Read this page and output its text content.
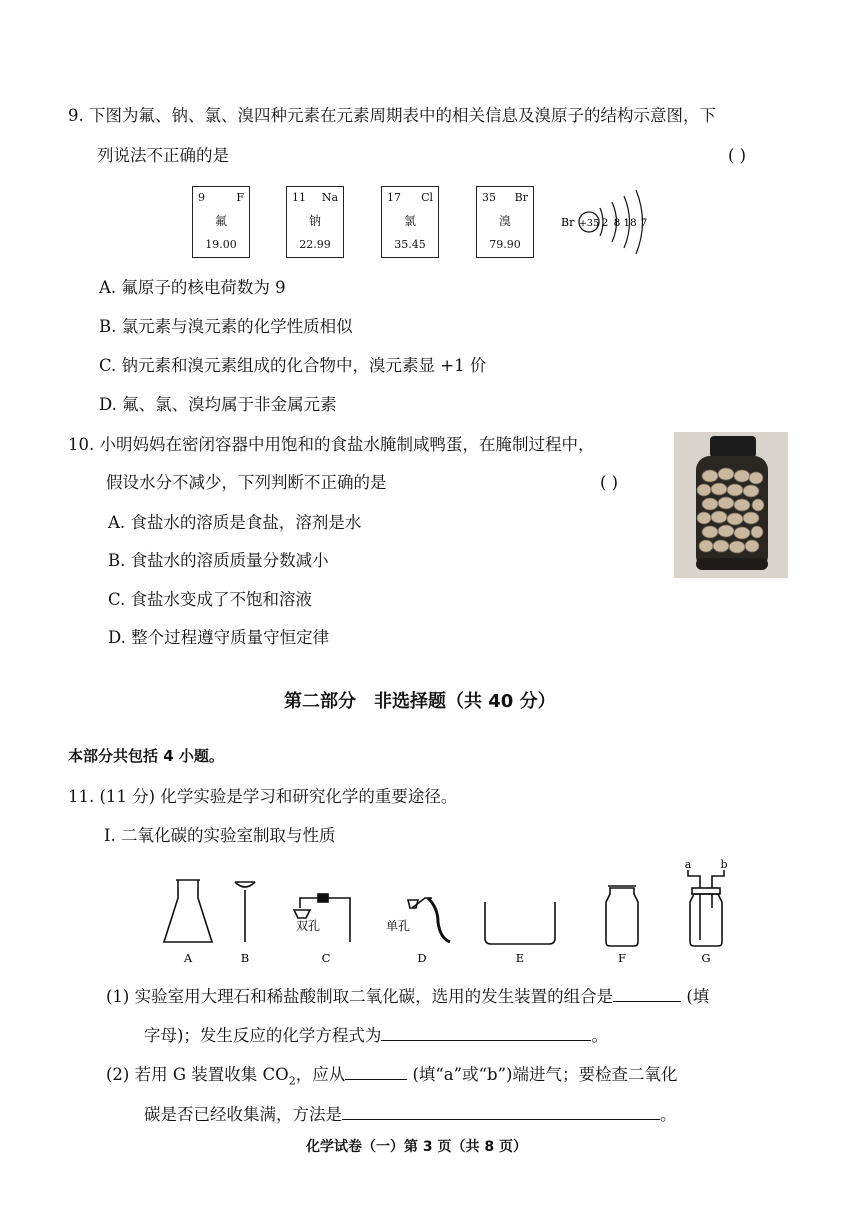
9. 下图为氟、钠、氯、溴四种元素在元素周期表中的相关信息及溴原子的结构示意图，下
列说法不正确的是	( )
9	F
氟
19.00
11 Na
钠
22.99
17 Cl
氯
35.45
35 Br
溴
79.90
Br +35 2 8 18 7
A. 氟原子的核电荷数为 9
B. 氯元素与溴元素的化学性质相似
C. 钠元素和溴元素组成的化合物中，溴元素显 +1 价
D. 氟、氯、溴均属于非金属元素
10. 小明妈妈在密闭容器中用饱和的食盐水腌制咸鸭蛋，在腌制过程中，
假设水分不减少，下列判断不正确的是	( )
A. 食盐水的溶质是食盐，溶剂是水
B. 食盐水的溶质质量分数减小
C. 食盐水变成了不饱和溶液
D. 整个过程遵守质量守恒定律
第二部分　非选择题（共 40 分）
本部分共包括 4 小题。
11. (11 分) 化学实验是学习和研究化学的重要途径。
Ⅰ. 二氧化碳的实验室制取与性质
a	b
双孔	单孔
A	B	C	D	E	F	G
(1) 实验室用大理石和稀盐酸制取二氧化碳，选用的发生装置的组合是	(填
字母)；发生反应的化学方程式为	。
(2) 若用 G 装置收集 $CO_2$，应从	(填“a”或“b”)端进气；要检查二氧化
碳是否已经收集满，方法是	。
化学试卷（一）第 3 页（共 8 页）
